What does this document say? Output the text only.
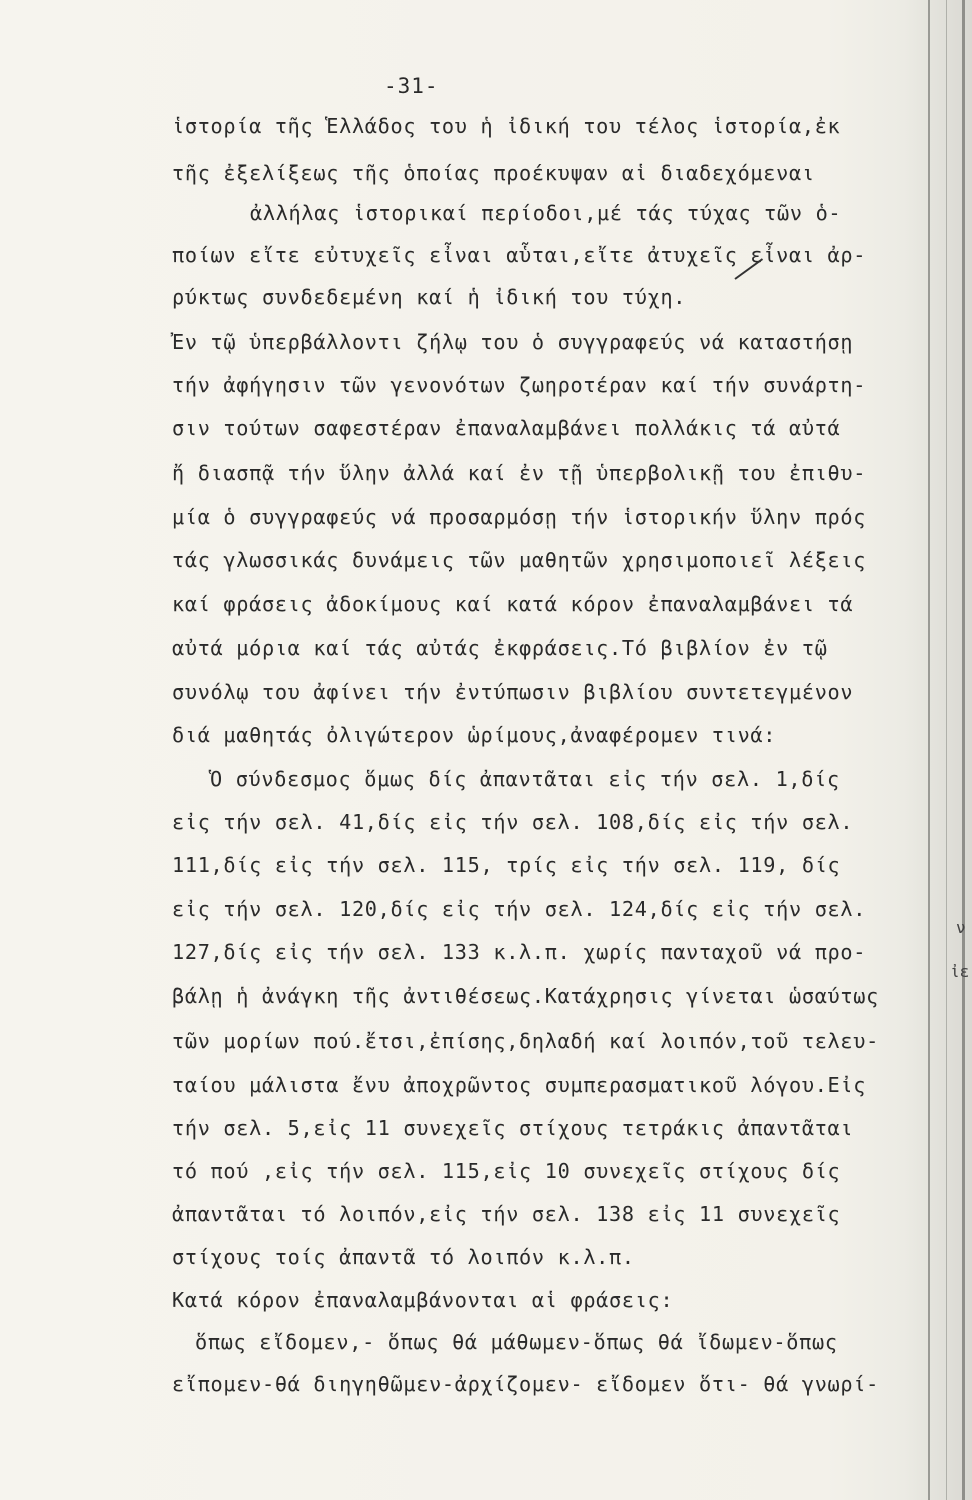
-31-
ἱστορία τῆς Ἑλλάδος του ἡ ἰδική του τέλος ἱστορία,ἐκ
τῆς ἐξελίξεως τῆς ὁποίας προέκυψαν αἱ διαδεχόμεναι
ἀλλήλας ἱστορικαί περίοδοι,μέ τάς τύχας τῶν ὁ-
ποίων εἴτε εὐτυχεῖς εἶναι αὗται,εἴτε ἀτυχεῖς εἶναι ἀρ-
ρύκτως συνδεδεμένη καί ἡ ἰδική του τύχη.
Ἐν τῷ ὑπερβάλλοντι ζήλῳ του ὁ συγγραφεύς νά καταστήσῃ
τήν ἀφήγησιν τῶν γενονότων ζωηροτέραν καί τήν συνάρτη-
σιν τούτων σαφεστέραν ἐπαναλαμβάνει πολλάκις τά αὐτά
ἤ διασπᾷ τήν ὕλην ἀλλά καί ἐν τῇ ὑπερβολικῇ του ἐπιθυ-
μία ὁ συγγραφεύς νά προσαρμόσῃ τήν ἱστορικήν ὕλην πρός
τάς γλωσσικάς δυνάμεις τῶν μαθητῶν χρησιμοποιεῖ λέξεις
καί φράσεις ἀδοκίμους καί κατά κόρον ἐπαναλαμβάνει τά
αὐτά μόρια καί τάς αὐτάς ἐκφράσεις.Τό βιβλίον ἐν τῷ
συνόλῳ του ἀφίνει τήν ἐντύπωσιν βιβλίου συντετεγμένον
διά μαθητάς ὀλιγώτερον ὡρίμους,ἀναφέρομεν τινά:
Ὁ σύνδεσμος ὅμως δίς ἀπαντᾶται εἰς τήν σελ. 1,δίς
εἰς τήν σελ. 41,δίς εἰς τήν σελ. 108,δίς εἰς τήν σελ.
111,δίς εἰς τήν σελ. 115, τρίς εἰς τήν σελ. 119, δίς
εἰς τήν σελ. 120,δίς εἰς τήν σελ. 124,δίς εἰς τήν σελ.
127,δίς εἰς τήν σελ. 133 κ.λ.π. χωρίς πανταχοῦ νά προ-
βάλῃ ἡ ἀνάγκη τῆς ἀντιθέσεως.Κατάχρησις γίνεται ὡσαύτως
τῶν μορίων πού.ἔτσι,ἐπίσης,δηλαδή καί λοιπόν,τοῦ τελευ-
ταίου μάλιστα ἔνυ ἀποχρῶντος συμπερασματικοῦ λόγου.Εἰς
τήν σελ. 5,εἰς 11 συνεχεῖς στίχους τετράκις ἀπαντᾶται
τό πού ,εἰς τήν σελ. 115,εἰς 10 συνεχεῖς στίχους δίς
ἀπαντᾶται τό λοιπόν,εἰς τήν σελ. 138 εἰς 11 συνεχεῖς
στίχους τοίς ἀπαντᾶ τό λοιπόν κ.λ.π.
Κατά κόρον ἐπαναλαμβάνονται αἱ φράσεις:
ὅπως εἴδομεν,- ὅπως θά μάθωμεν-ὅπως θά ἴδωμεν-ὅπως
εἴπομεν-θά διηγηθῶμεν-ἀρχίζομεν- εἴδομεν ὅτι- θά γνωρί-
ν
ἰε
